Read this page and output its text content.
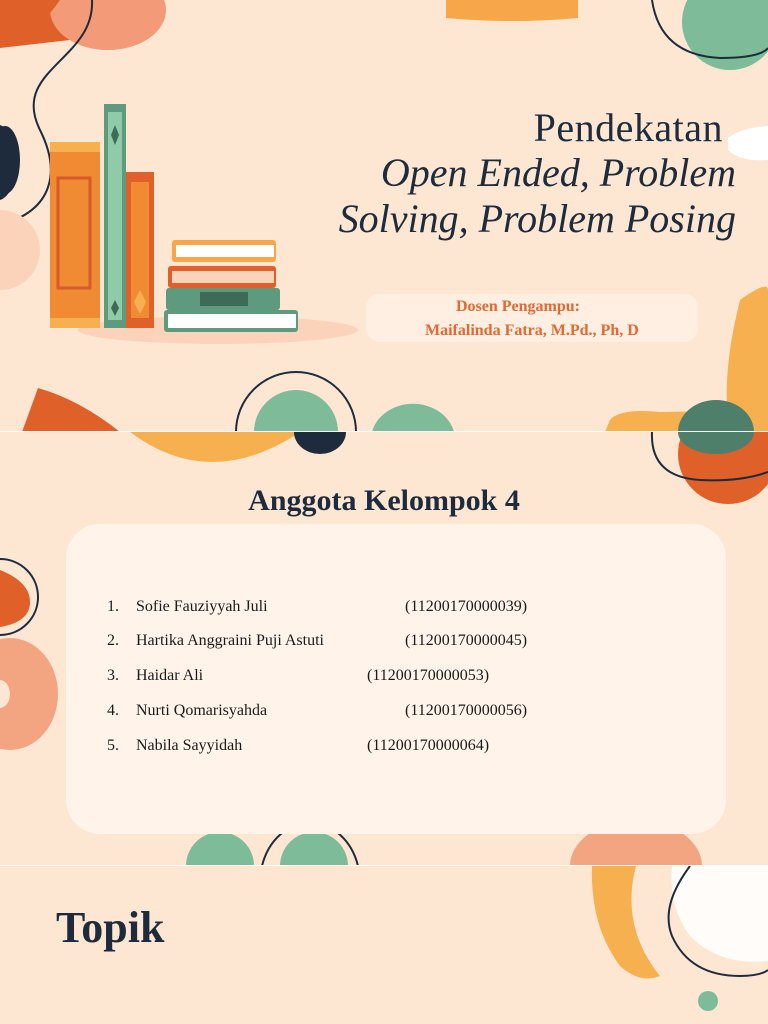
Pendekatan
Open Ended, Problem
Solving, Problem Posing
Dosen Pengampu:
Maifalinda Fatra, M.Pd., Ph, D
Anggota Kelompok 4
1.	Sofie Fauziyyah Juli	(11200170000039)
2.	Hartika Anggraini Puji Astuti	(11200170000045)
3.	Haidar Ali	(11200170000053)
4.	Nurti Qomarisyahda	(11200170000056)
5.	Nabila Sayyidah	(11200170000064)
Topik
